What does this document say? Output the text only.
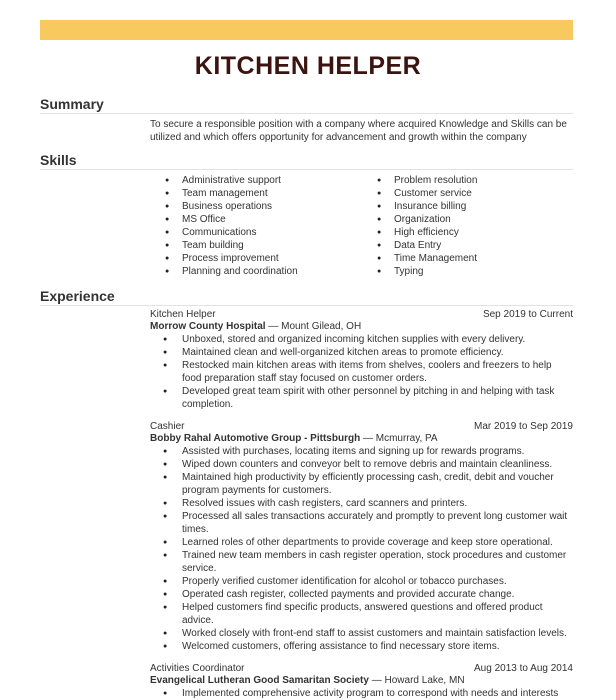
KITCHEN HELPER
Summary
To secure a responsible position with a company where acquired Knowledge and Skills can be utilized and which offers opportunity for advancement and growth within the company
Skills
● Administrative support
● Team management
● Business operations
● MS Office
● Communications
● Team building
● Process improvement
● Planning and coordination
● Problem resolution
● Customer service
● Insurance billing
● Organization
● High efficiency
● Data Entry
● Time Management
● Typing
Experience
Kitchen Helper	Sep 2019 to Current
Morrow County Hospital — Mount Gilead, OH
● Unboxed, stored and organized incoming kitchen supplies with every delivery.
● Maintained clean and well-organized kitchen areas to promote efficiency.
● Restocked main kitchen areas with items from shelves, coolers and freezers to help food preparation staff stay focused on customer orders.
● Developed great team spirit with other personnel by pitching in and helping with task completion.
Cashier	Mar 2019 to Sep 2019
Bobby Rahal Automotive Group - Pittsburgh — Mcmurray, PA
● Assisted with purchases, locating items and signing up for rewards programs.
● Wiped down counters and conveyor belt to remove debris and maintain cleanliness.
● Maintained high productivity by efficiently processing cash, credit, debit and voucher program payments for customers.
● Resolved issues with cash registers, card scanners and printers.
● Processed all sales transactions accurately and promptly to prevent long customer wait times.
● Learned roles of other departments to provide coverage and keep store operational.
● Trained new team members in cash register operation, stock procedures and customer service.
● Properly verified customer identification for alcohol or tobacco purchases.
● Operated cash register, collected payments and provided accurate change.
● Helped customers find specific products, answered questions and offered product advice.
● Worked closely with front-end staff to assist customers and maintain satisfaction levels.
● Welcomed customers, offering assistance to find necessary store items.
Activities Coordinator	Aug 2013 to Aug 2014
Evangelical Lutheran Good Samaritan Society — Howard Lake, MN
● Implemented comprehensive activity program to correspond with needs and interests
